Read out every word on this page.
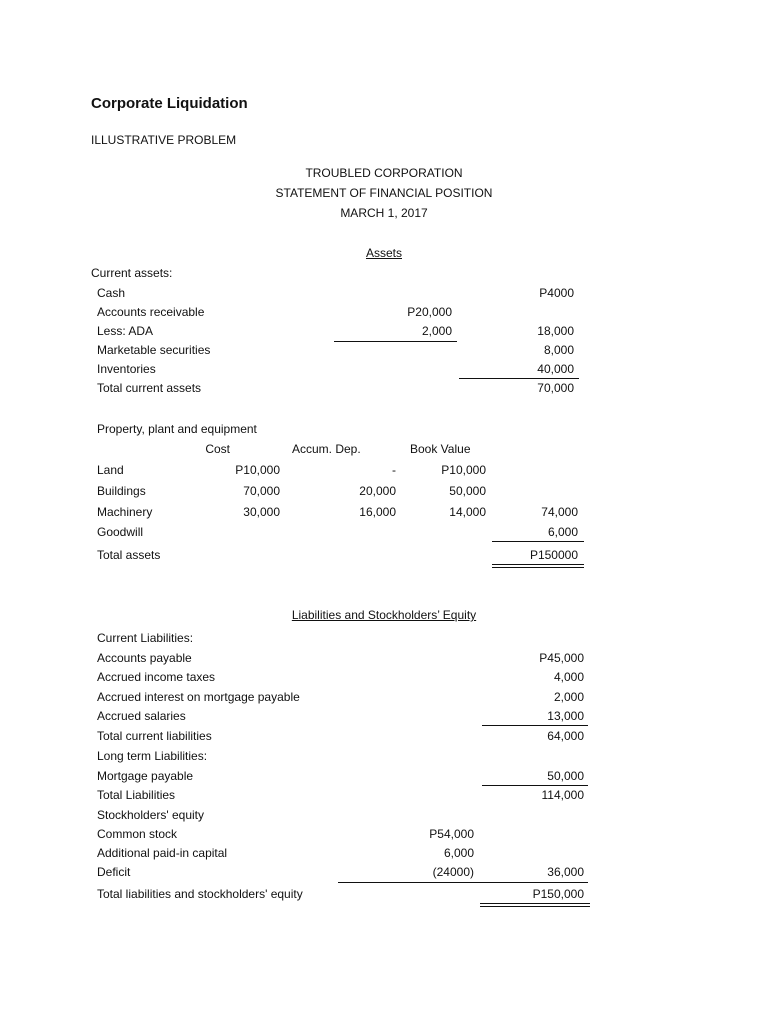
Corporate Liquidation
ILLUSTRATIVE PROBLEM
TROUBLED CORPORATION
STATEMENT OF FINANCIAL POSITION
MARCH 1, 2017
Assets
Current assets:
Cash	P4000
Accounts receivable	P20,000
Less: ADA	2,000	18,000
Marketable securities	8,000
Inventories	40,000
Total current assets	70,000
Property, plant and equipment
Cost	Accum. Dep.	Book Value
Land	P10,000	-	P10,000
Buildings	70,000	20,000	50,000
Machinery	30,000	16,000	14,000	74,000
Goodwill	6,000
Total assets	P150000
Liabilities and Stockholders’ Equity
Current Liabilities:
Accounts payable	P45,000
Accrued income taxes	4,000
Accrued interest on mortgage payable	2,000
Accrued salaries	13,000
Total current liabilities	64,000
Long term Liabilities:
Mortgage payable	50,000
Total Liabilities	114,000
Stockholders' equity
Common stock	P54,000
Additional paid-in capital	6,000
Deficit	(24000)	36,000
Total liabilities and stockholders' equity	P150,000
